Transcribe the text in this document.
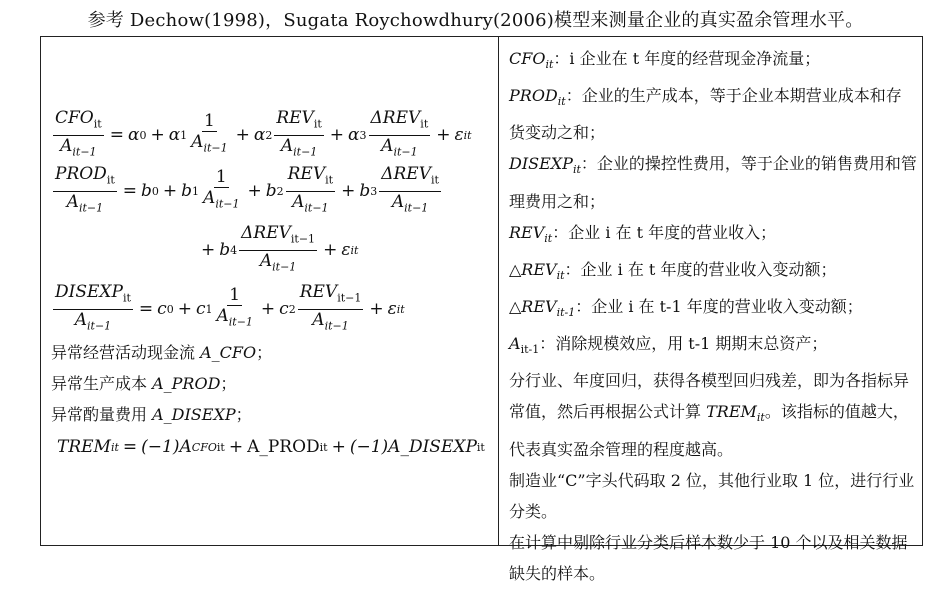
参考 Dechow(1998)，Sugata Roychowdhury(2006)模型来测量企业的真实盈余管理水平。
$\frac{CFO_{it}}{A_{it-1}} = \alpha$ 0 + α $1 \frac{1}{A_{it-1}} + \alpha$ $2 \frac{REV_{it}}{A_{it-1}} + \alpha$ $3 \frac{\Delta REV_{it}}{A_{it-1}} + \varepsilon$ it
$\frac{PROD_{it}}{A_{it-1}} = b$ 0 + b $1 \frac{1}{A_{it-1}} + b$ $2 \frac{REV_{it}}{A_{it-1}} + b$ $3 \frac{\Delta REV_{it}}{A_{it-1}}$
+ b $4 \frac{\Delta REV_{it-1}}{A_{it-1}} + \varepsilon$ it
$\frac{DISEXP_{it}}{A_{it-1}} = c$ 0 + c $1 \frac{1}{A_{it-1}} + c$ $2 \frac{REV_{it-1}}{A_{it-1}} + \varepsilon$ it
异常经营活动现金流 A_CFO；
异常生产成本 A_PROD；
异常酌量费用 A_DISEXP；
TREM it = (−1)A CFOit + A_PROD it + (−1)A_DISEXP it

$CFO_{it}$：i 企业在 t 年度的经营现金净流量；

$PROD_{it}$：企业的生产成本，等于企业本期营业成本和存货变动之和；

$DISEXP_{it}$：企业的操控性费用，等于企业的销售费用和管理费用之和；

$REV_{it}$：企业 i 在 t 年度的营业收入；

$\triangle REV_{it}$：企业 i 在 t 年度的营业收入变动额；

$\triangle REV_{it-1}$：企业 i 在 t-1 年度的营业收入变动额；

$A_{it-1}$：消除规模效应，用 t-1 期期末总资产；

分行业、年度回归，获得各模型回归残差，即为各指标异常值，然后再根据公式计算 $TREM_{it}$。该指标的值越大，代表真实盈余管理的程度越高。

制造业“C”字头代码取 2 位，其他行业取 1 位，进行行业分类。

在计算中剔除行业分类后样本数少于 10 个以及相关数据缺失的样本。
